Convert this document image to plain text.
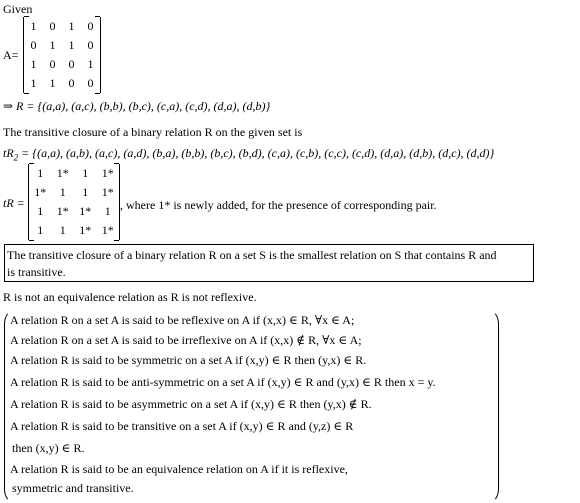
Given
A=
1	0	1	0
0	1	1	0
1	0	0	1
1	1	0	0
⇒ R = {(a,a), (a,c), (b,b), (b,c), (c,a), (c,d), (d,a), (d,b)}
The transitive closure of a binary relation R on the given set is
$tR_2 = \{(a,a)$, (a,b), (a,c), (a,d), (b,a), (b,b), (b,c), (b,d), (c,a), (c,b), (c,c), (c,d), (d,a), (d,b), (d,c), (d,d)}
tR =
1	1*	1	1*
1*	1	1	1*
1	1*	1*	1
1	1	1*	1*
, where 1* is newly added, for the presence of corresponding pair.
The transitive closure of a binary relation R on a set S is the smallest relation on S that contains R and
is transitive.
R is not an equivalence relation as R is not reflexive.
A relation R on a set A is said to be reflexive on A if (x,x) ∈ R, ∀x ∈ A;
A relation R on a set A is said to be irreflexive on A if (x,x) ∉ R, ∀x ∈ A;
A relation R is said to be symmetric on a set A if (x,y) ∈ R then (y,x) ∈ R.
A relation R is said to be anti-symmetric on a set A if (x,y) ∈ R and (y,x) ∈ R then x = y.
A relation R is said to be asymmetric on a set A if (x,y) ∈ R then (y,x) ∉ R.
A relation R is said to be transitive on a set A if (x,y) ∈ R and (y,z) ∈ R
then (x,y) ∈ R.
A relation R is said to be an equivalence relation on A if it is reflexive,
symmetric and transitive.
